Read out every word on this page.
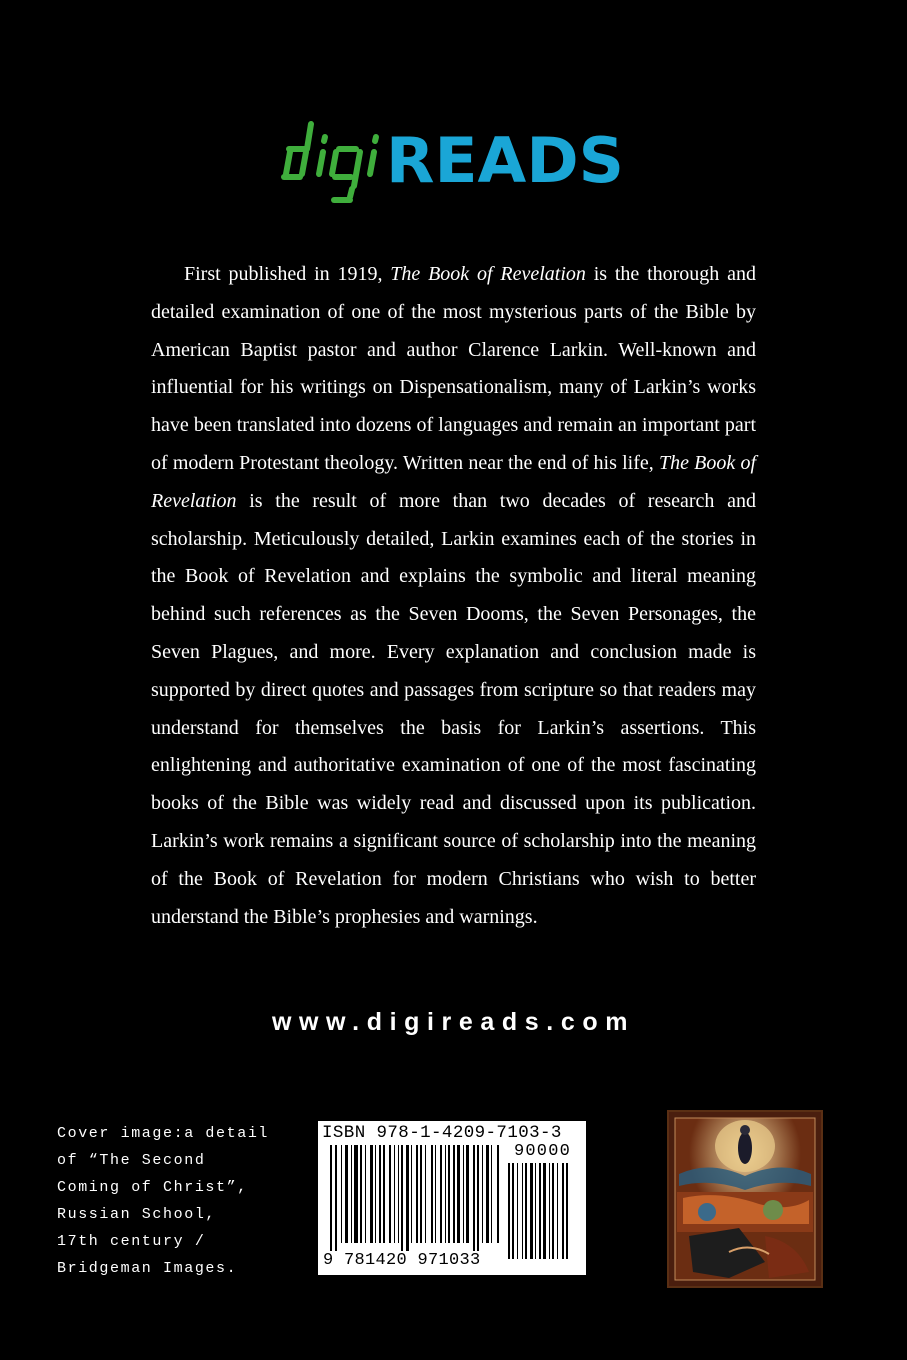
READS

First published in 1919, The Book of Revelation is the thorough and detailed examination of one of the most mysterious parts of the Bible by American Baptist pastor and author Clarence Larkin. Well-known and influential for his writings on Dispensationalism, many of Larkin’s works have been translated into dozens of languages and remain an important part of modern Protestant theology. Written near the end of his life, The Book of Revelation is the result of more than two decades of research and scholarship. Meticulously detailed, Larkin examines each of the stories in the Book of Revelation and explains the symbolic and literal meaning behind such references as the Seven Dooms, the Seven Personages, the Seven Plagues, and more. Every explanation and conclusion made is supported by direct quotes and passages from scripture so that readers may understand for themselves the basis for Larkin’s assertions. This enlightening and authoritative examination of one of the most fascinating books of the Bible was widely read and discussed upon its publication. Larkin’s work remains a significant source of scholarship into the meaning of the Book of Revelation for modern Christians who wish to better understand the Bible’s prophesies and warnings.

www.digireads.com
Cover image:a detail
of “The Second
Coming of Christ”,
Russian School,
17th century /
Bridgeman Images.
ISBN 978-1-4209-7103-3
90000
9 781420 971033
